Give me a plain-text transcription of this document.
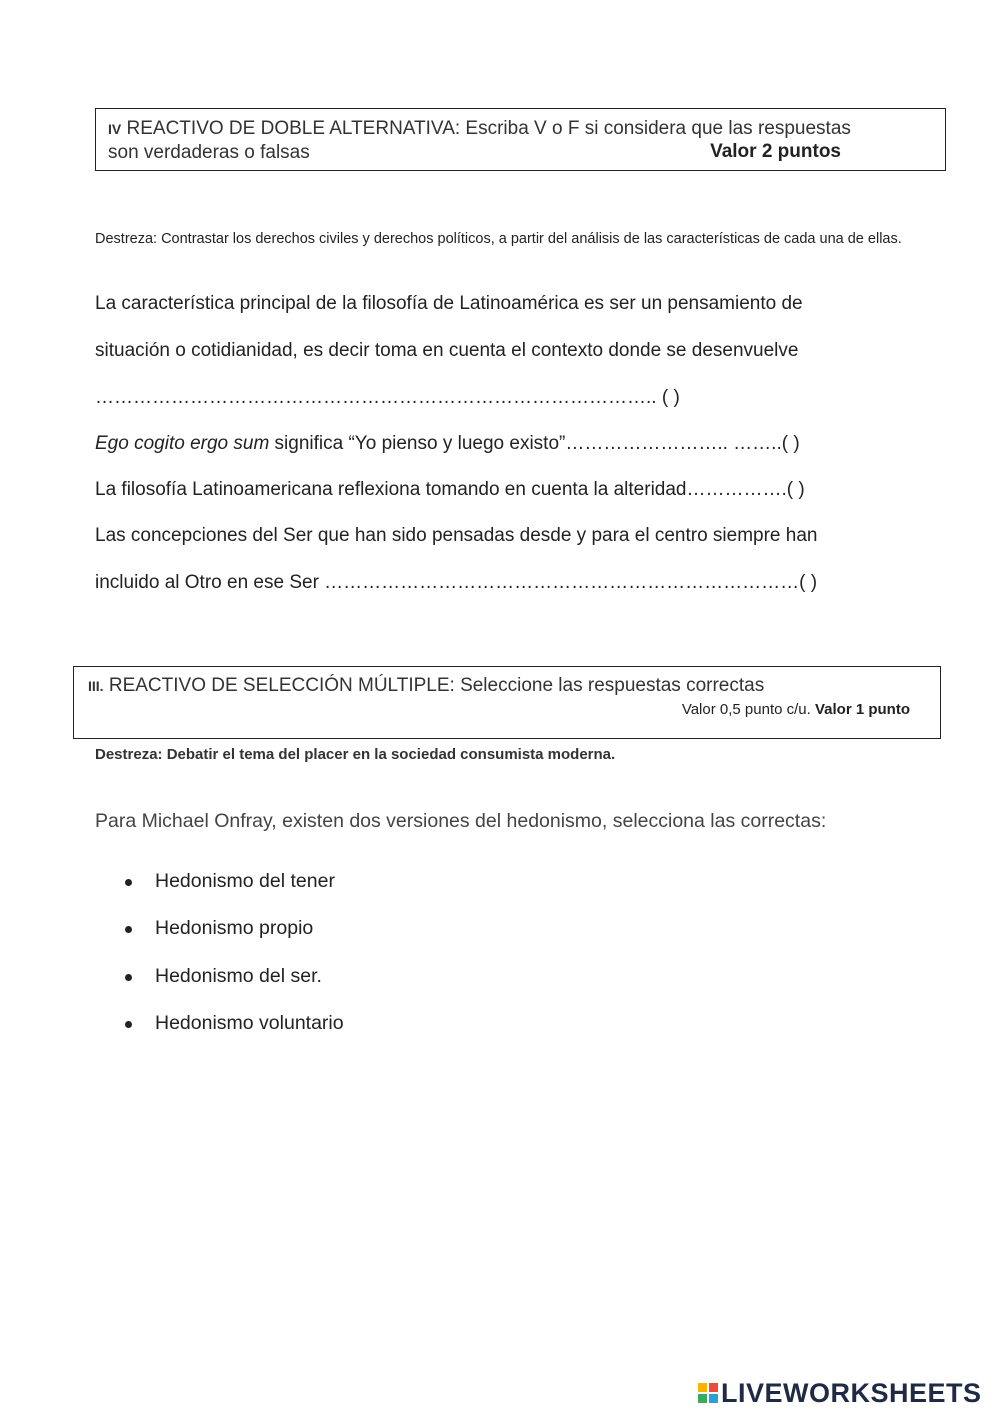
IV REACTIVO DE DOBLE ALTERNATIVA: Escriba V o F si considera que las respuestas
son verdaderas o falsas	Valor 2 puntos
Destreza: Contrastar los derechos civiles y derechos políticos, a partir del análisis de las características de cada una de ellas.
La característica principal de la filosofía de Latinoamérica es ser un pensamiento de
situación o cotidianidad, es decir toma en cuenta el contexto donde se desenvuelve
…………………………………………………………………………….. ( )
Ego cogito ergo sum significa “Yo pienso y luego existo”…………………….. ……..( )
La filosofía Latinoamericana reflexiona tomando en cuenta la alteridad…………….( )
Las concepciones del Ser que han sido pensadas desde y para el centro siempre han
incluido al Otro en ese Ser …………………………………………………………………( )
III. REACTIVO DE SELECCIÓN MÚLTIPLE: Seleccione las respuestas correctas
Valor 0,5 punto c/u. Valor 1 punto
Destreza: Debatir el tema del placer en la sociedad consumista moderna.
Para Michael Onfray, existen dos versiones del hedonismo, selecciona las correctas:
Hedonismo del tener
Hedonismo propio
Hedonismo del ser.
Hedonismo voluntario
LIVEWORKSHEETS
